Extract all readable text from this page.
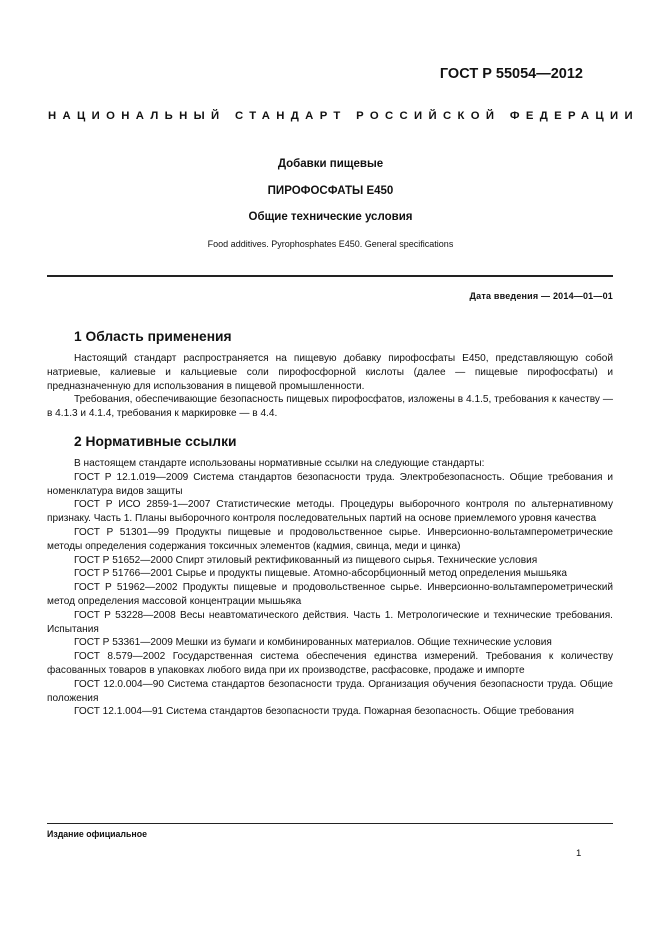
ГОСТ Р 55054—2012
НАЦИОНАЛЬНЫЙ СТАНДАРТ РОССИЙСКОЙ ФЕДЕРАЦИИ
Добавки пищевые
ПИРОФОСФАТЫ Е450
Общие технические условия
Food additives. Pyrophosphates E450. General specifications
Дата введения — 2014—01—01
1 Область применения

Настоящий стандарт распространяется на пищевую добавку пирофосфаты Е450, представляющую собой натриевые, калиевые и кальциевые соли пирофосфорной кислоты (далее — пищевые пирофосфаты) и предназначенную для использования в пищевой промышленности.

Требования, обеспечивающие безопасность пищевых пирофосфатов, изложены в 4.1.5, требования к качеству — в 4.1.3 и 4.1.4, требования к маркировке — в 4.4.

2 Нормативные ссылки

В настоящем стандарте использованы нормативные ссылки на следующие стандарты:

ГОСТ Р 12.1.019—2009 Система стандартов безопасности труда. Электробезопасность. Общие требования и номенклатура видов защиты

ГОСТ Р ИСО 2859-1—2007 Статистические методы. Процедуры выборочного контроля по альтернативному признаку. Часть 1. Планы выборочного контроля последовательных партий на основе приемлемого уровня качества

ГОСТ Р 51301—99 Продукты пищевые и продовольственное сырье. Инверсионно-вольтамперометрические методы определения содержания токсичных элементов (кадмия, свинца, меди и цинка)

ГОСТ Р 51652—2000 Спирт этиловый ректификованный из пищевого сырья. Технические условия

ГОСТ Р 51766—2001 Сырье и продукты пищевые. Атомно-абсорбционный метод определения мышьяка

ГОСТ Р 51962—2002 Продукты пищевые и продовольственное сырье. Инверсионно-вольтамперометрический метод определения массовой концентрации мышьяка

ГОСТ Р 53228—2008 Весы неавтоматического действия. Часть 1. Метрологические и технические требования. Испытания

ГОСТ Р 53361—2009 Мешки из бумаги и комбинированных материалов. Общие технические условия

ГОСТ 8.579—2002 Государственная система обеспечения единства измерений. Требования к количеству фасованных товаров в упаковках любого вида при их производстве, расфасовке, продаже и импорте

ГОСТ 12.0.004—90 Система стандартов безопасности труда. Организация обучения безопасности труда. Общие положения

ГОСТ 12.1.004—91 Система стандартов безопасности труда. Пожарная безопасность. Общие требования

Издание официальное
1
